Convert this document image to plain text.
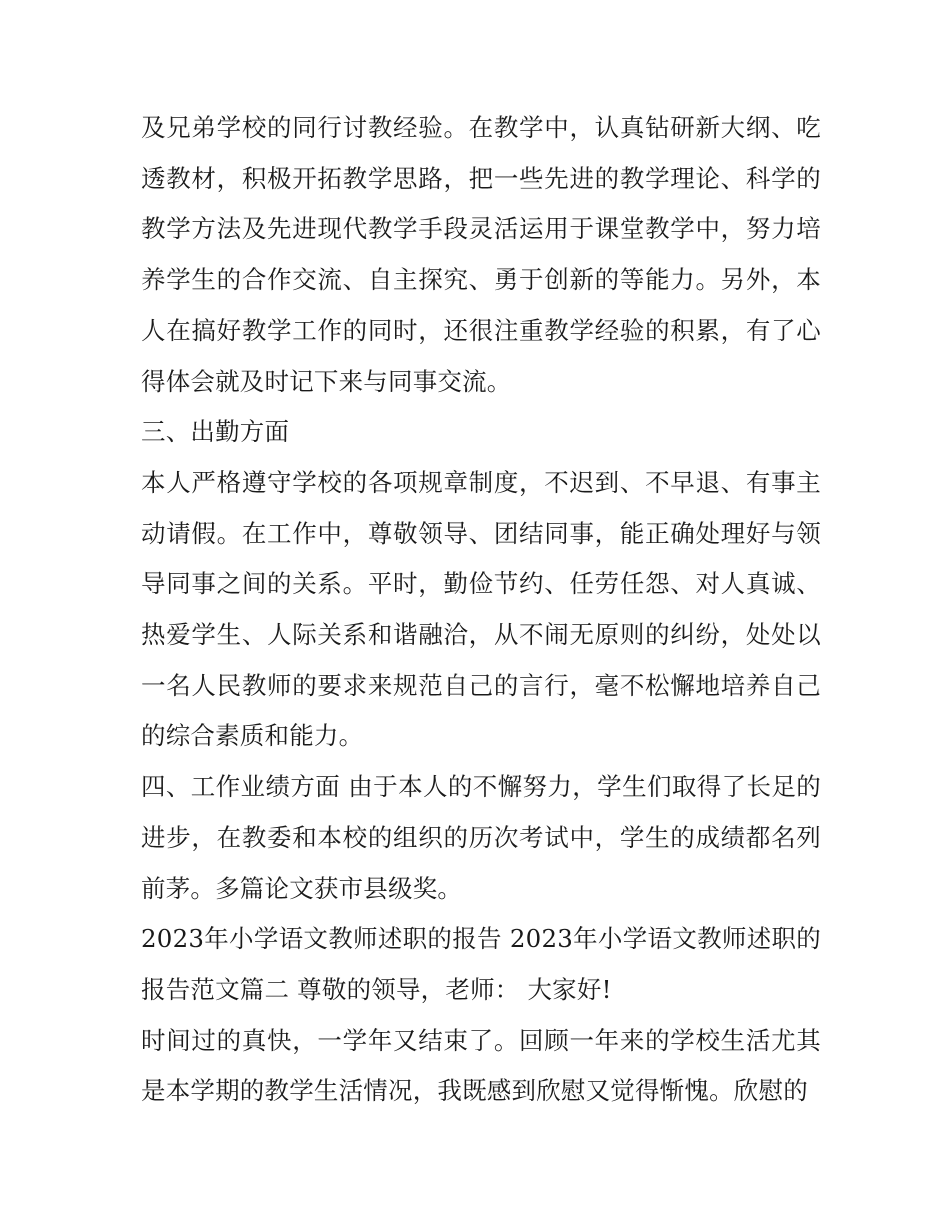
及兄弟学校的同行讨教经验。在教学中，认真钻研新大纲、吃透教材，积极开拓教学思路，把一些先进的教学理论、科学的教学方法及先进现代教学手段灵活运用于课堂教学中，努力培养学生的合作交流、自主探究、勇于创新的等能力。另外，本人在搞好教学工作的同时，还很注重教学经验的积累，有了心得体会就及时记下来与同事交流。

三、出勤方面

本人严格遵守学校的各项规章制度，不迟到、不早退、有事主动请假。在工作中，尊敬领导、团结同事，能正确处理好与领导同事之间的关系。平时，勤俭节约、任劳任怨、对人真诚、热爱学生、人际关系和谐融洽，从不闹无原则的纠纷，处处以一名人民教师的要求来规范自己的言行，毫不松懈地培养自己的综合素质和能力。

四、工作业绩方面 由于本人的不懈努力，学生们取得了长足的进步，在教委和本校的组织的历次考试中，学生的成绩都名列前茅。多篇论文获市县级奖。

2023年小学语文教师述职的报告 2023年小学语文教师述职的报告范文篇二 尊敬的领导，老师： 大家好!

时间过的真快，一学年又结束了。回顾一年来的学校生活尤其是本学期的教学生活情况，我既感到欣慰又觉得惭愧。欣慰的
